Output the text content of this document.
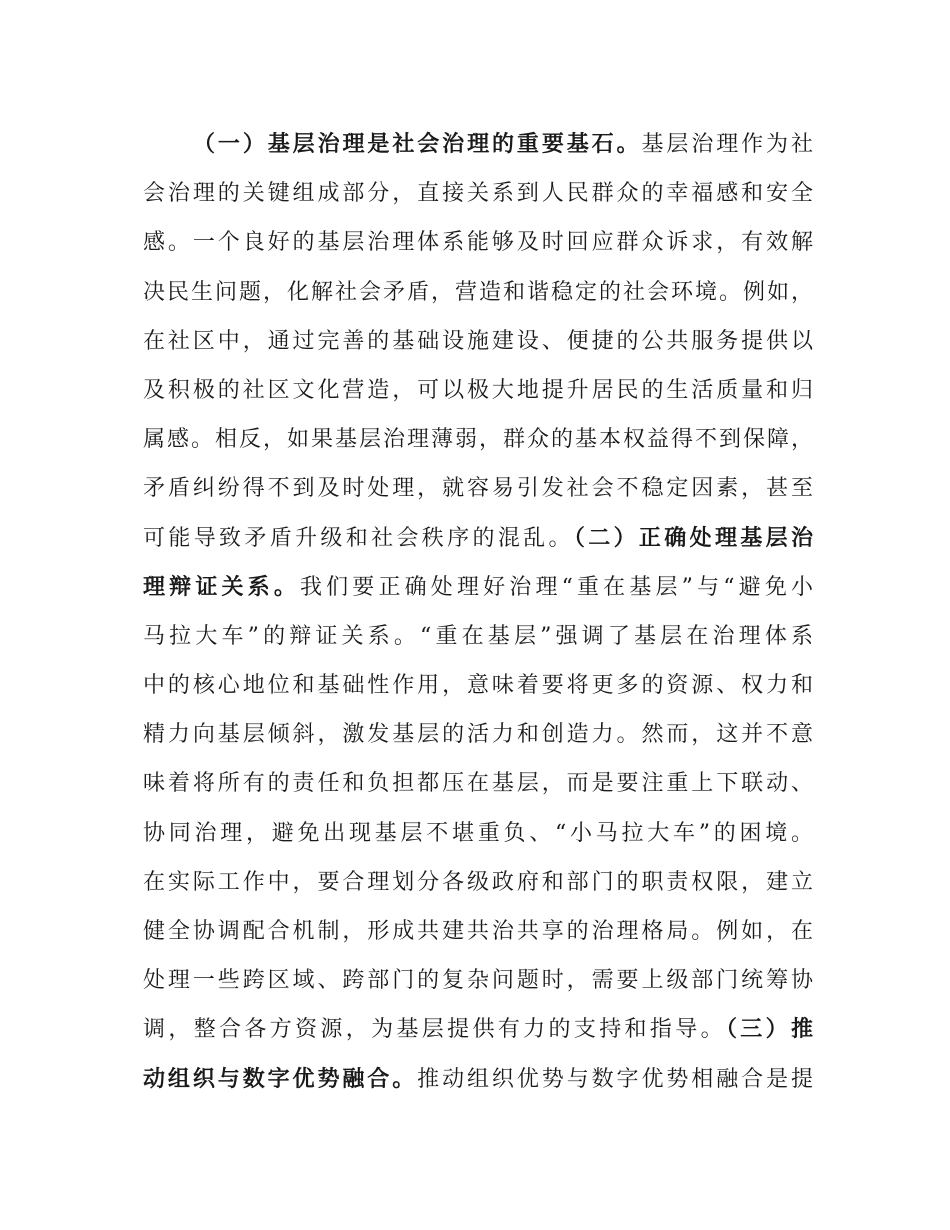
（一）基层治理是社会治理的重要基石。基层治理作为社
会治理的关键组成部分，直接关系到人民群众的幸福感和安全
感。一个良好的基层治理体系能够及时回应群众诉求，有效解
决民生问题，化解社会矛盾，营造和谐稳定的社会环境。例如，
在社区中，通过完善的基础设施建设、便捷的公共服务提供以
及积极的社区文化营造，可以极大地提升居民的生活质量和归
属感。相反，如果基层治理薄弱，群众的基本权益得不到保障，
矛盾纠纷得不到及时处理，就容易引发社会不稳定因素，甚至
可能导致矛盾升级和社会秩序的混乱。（二）正确处理基层治
理辩证关系。我们要正确处理好治理“重在基层”与“避免小
马拉大车”的辩证关系。“重在基层”强调了基层在治理体系
中的核心地位和基础性作用，意味着要将更多的资源、权力和
精力向基层倾斜，激发基层的活力和创造力。然而，这并不意
味着将所有的责任和负担都压在基层，而是要注重上下联动、
协同治理，避免出现基层不堪重负、“小马拉大车”的困境。
在实际工作中，要合理划分各级政府和部门的职责权限，建立
健全协调配合机制，形成共建共治共享的治理格局。例如，在
处理一些跨区域、跨部门的复杂问题时，需要上级部门统筹协
调，整合各方资源，为基层提供有力的支持和指导。（三）推
动组织与数字优势融合。推动组织优势与数字优势相融合是提
